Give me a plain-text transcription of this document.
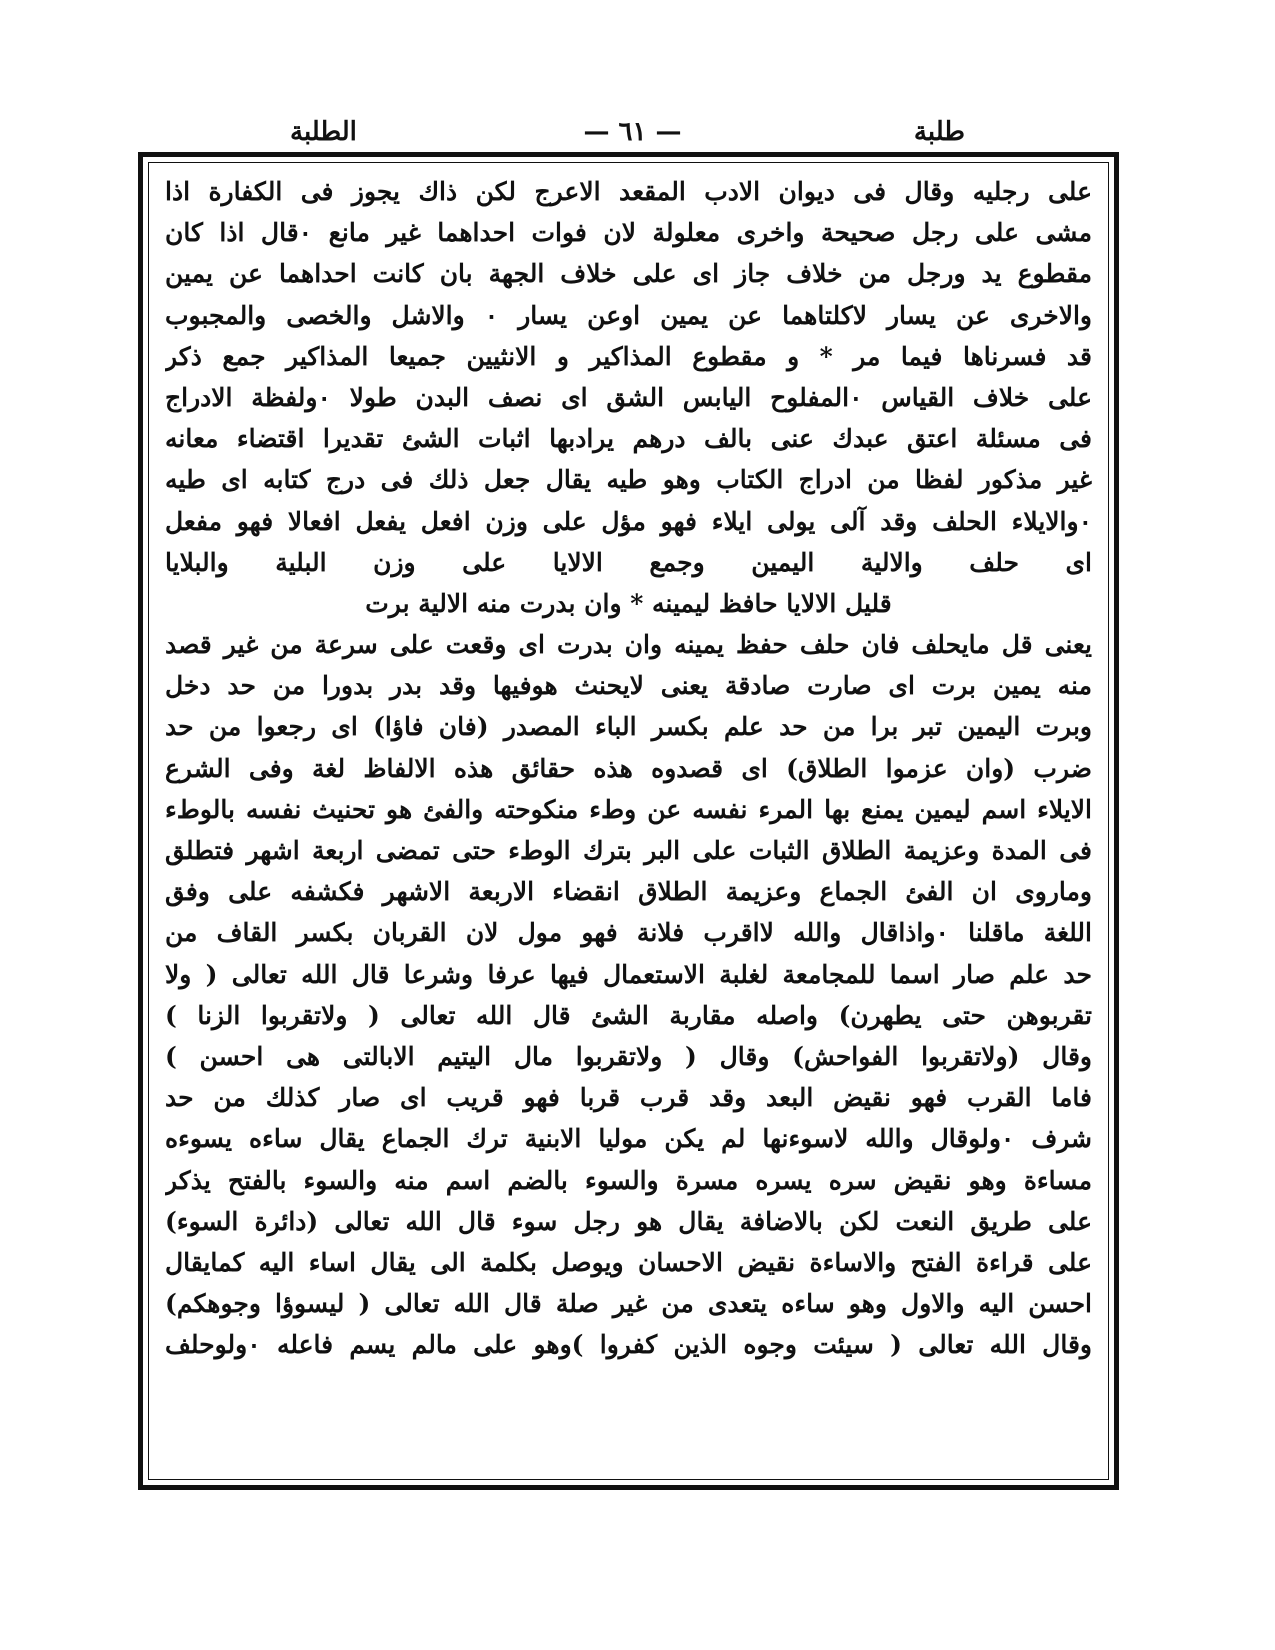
طلبة
— ٦١ —
الطلبة
على رجليه وقال فى ديوان الادب المقعد الاعرج لكن ذاك يجوز فى الكفارة اذا
مشى على رجل صحيحة واخرى معلولة لان فوات احداهما غير مانع ۰قال اذا كان
مقطوع يد ورجل من خلاف جاز اى على خلاف الجهة بان كانت احداهما عن يمين
والاخرى عن يسار لاكلتاهما عن يمين اوعن يسار ۰ والاشل والخصى والمجبوب
قد فسرناها فيما مر * و مقطوع المذاكير و الانثيين جميعا المذاكير جمع ذكر
على خلاف القياس ۰المفلوح اليابس الشق اى نصف البدن طولا ۰ولفظة الادراج
فى مسئلة اعتق عبدك عنى بالف درهم يرادبها اثبات الشئ تقديرا اقتضاء معانه
غير مذكور لفظا من ادراج الكتاب وهو طيه يقال جعل ذلك فى درج كتابه اى طيه
۰والايلاء الحلف وقد آلى يولى ايلاء فهو مؤل على وزن افعل يفعل افعالا فهو مفعل
اى حلف والالية اليمين وجمع الالايا على وزن البلية والبلايا
قليل الالايا حافظ ليمينه * وان بدرت منه الالية برت
يعنى قل مايحلف فان حلف حفظ يمينه وان بدرت اى وقعت على سرعة من غير قصد
منه يمين برت اى صارت صادقة يعنى لايحنث هوفيها وقد بدر بدورا من حد دخل
وبرت اليمين تبر برا من حد علم بكسر الباء المصدر (فان فاؤا) اى رجعوا من حد
ضرب (وان عزموا الطلاق) اى قصدوه هذه حقائق هذه الالفاظ لغة وفى الشرع
الايلاء اسم ليمين يمنع بها المرء نفسه عن وطء منكوحته والفئ هو تحنيث نفسه بالوطء
فى المدة وعزيمة الطلاق الثبات على البر بترك الوطء حتى تمضى اربعة اشهر فتطلق
وماروى ان الفئ الجماع وعزيمة الطلاق انقضاء الاربعة الاشهر فكشفه على وفق
اللغة ماقلنا ۰واذاقال والله لااقرب فلانة فهو مول لان القربان بكسر القاف من
حد علم صار اسما للمجامعة لغلبة الاستعمال فيها عرفا وشرعا قال الله تعالى ( ولا
تقربوهن حتى يطهرن) واصله مقاربة الشئ قال الله تعالى ( ولاتقربوا الزنا )
وقال (ولاتقربوا الفواحش) وقال ( ولاتقربوا مال اليتيم الابالتى هى احسن )
فاما القرب فهو نقيض البعد وقد قرب قربا فهو قريب اى صار كذلك من حد
شرف ۰ولوقال والله لاسوءنها لم يكن موليا الابنية ترك الجماع يقال ساءه يسوءه
مساءة وهو نقيض سره يسره مسرة والسوء بالضم اسم منه والسوء بالفتح يذكر
على طريق النعت لكن بالاضافة يقال هو رجل سوء قال الله تعالى (دائرة السوء)
على قراءة الفتح والاساءة نقيض الاحسان ويوصل بكلمة الى يقال اساء اليه كمايقال
احسن اليه والاول وهو ساءه يتعدى من غير صلة قال الله تعالى ( ليسوؤا وجوهكم)
وقال الله تعالى ( سيئت وجوه الذين كفروا )وهو على مالم يسم فاعله ۰ولوحلف
